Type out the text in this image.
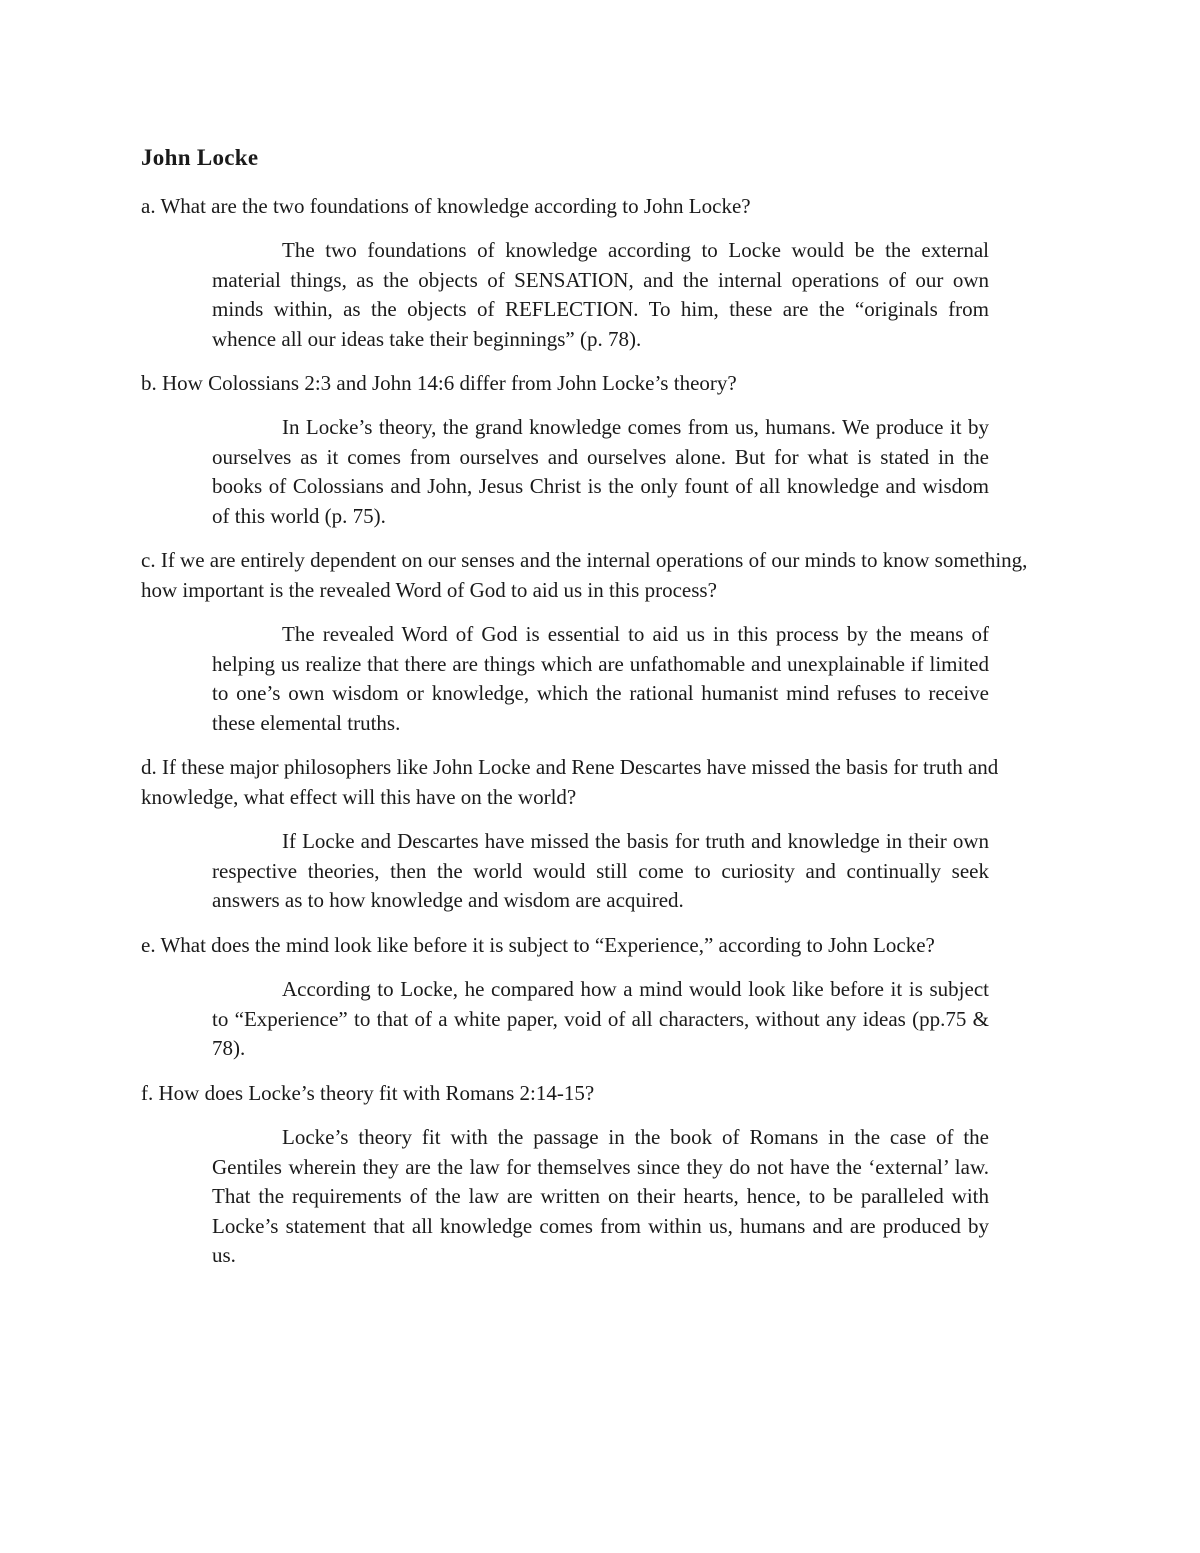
John Locke

a. What are the two foundations of knowledge according to John Locke?

The two foundations of knowledge according to Locke would be the external material things, as the objects of SENSATION, and the internal operations of our own minds within, as the objects of REFLECTION. To him, these are the “originals from whence all our ideas take their beginnings” (p. 78).

b. How Colossians 2:3 and John 14:6 differ from John Locke’s theory?

In Locke’s theory, the grand knowledge comes from us, humans. We produce it by ourselves as it comes from ourselves and ourselves alone. But for what is stated in the books of Colossians and John, Jesus Christ is the only fount of all knowledge and wisdom of this world (p. 75).

c. If we are entirely dependent on our senses and the internal operations of our minds to know something, how important is the revealed Word of God to aid us in this process?

The revealed Word of God is essential to aid us in this process by the means of helping us realize that there are things which are unfathomable and unexplainable if limited to one’s own wisdom or knowledge, which the rational humanist mind refuses to receive these elemental truths.

d. If these major philosophers like John Locke and Rene Descartes have missed the basis for truth and knowledge, what effect will this have on the world?

If Locke and Descartes have missed the basis for truth and knowledge in their own respective theories, then the world would still come to curiosity and continually seek answers as to how knowledge and wisdom are acquired.

e. What does the mind look like before it is subject to “Experience,” according to John Locke?

According to Locke, he compared how a mind would look like before it is subject to “Experience” to that of a white paper, void of all characters, without any ideas (pp.75 & 78).

f. How does Locke’s theory fit with Romans 2:14-15?

Locke’s theory fit with the passage in the book of Romans in the case of the Gentiles wherein they are the law for themselves since they do not have the ‘external’ law. That the requirements of the law are written on their hearts, hence, to be paralleled with Locke’s statement that all knowledge comes from within us, humans and are produced by us.
